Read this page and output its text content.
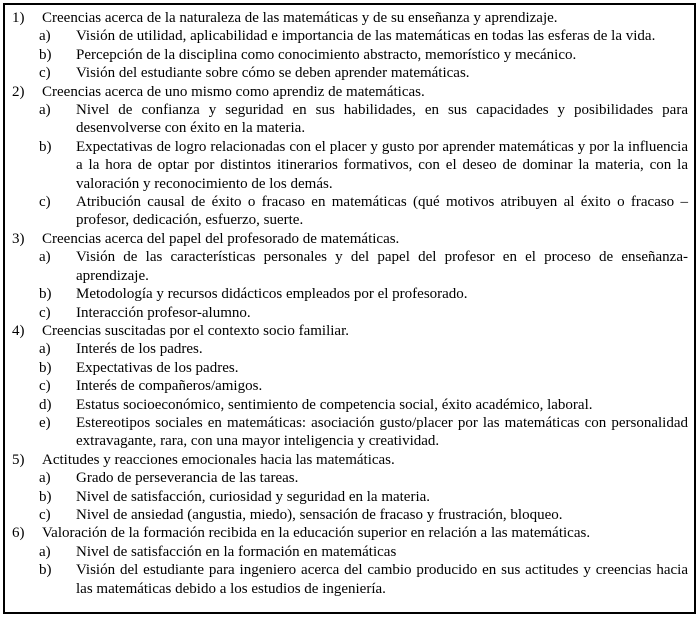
1)	Creencias acerca de la naturaleza de las matemáticas y de su enseñanza y aprendizaje.
a)	Visión de utilidad, aplicabilidad e importancia de las matemáticas en todas las esferas de la vida.
b)	Percepción de la disciplina como conocimiento abstracto, memorístico y mecánico.
c)	Visión del estudiante sobre cómo se deben aprender matemáticas.
2)	Creencias acerca de uno mismo como aprendiz de matemáticas.
a)	Nivel de confianza y seguridad en sus habilidades, en sus capacidades y posibilidades para desenvolverse con éxito en la materia.
b)	Expectativas de logro relacionadas con el placer y gusto por aprender matemáticas y por la influencia a la hora de optar por distintos itinerarios formativos, con el deseo de dominar la materia, con la valoración y reconocimiento de los demás.
c)	Atribución causal de éxito o fracaso en matemáticas (qué motivos atribuyen al éxito o fracaso – profesor, dedicación, esfuerzo, suerte.
3)	Creencias acerca del papel del profesorado de matemáticas.
a)	Visión de las características personales y del papel del profesor en el proceso de enseñanza-aprendizaje.
b)	Metodología y recursos didácticos empleados por el profesorado.
c)	Interacción profesor-alumno.
4)	Creencias suscitadas por el contexto socio familiar.
a)	Interés de los padres.
b)	Expectativas de los padres.
c)	Interés de compañeros/amigos.
d)	Estatus socioeconómico, sentimiento de competencia social, éxito académico, laboral.
e)	Estereotipos sociales en matemáticas: asociación gusto/placer por las matemáticas con personalidad extravagante, rara, con una mayor inteligencia y creatividad.
5)	Actitudes y reacciones emocionales hacia las matemáticas.
a)	Grado de perseverancia de las tareas.
b)	Nivel de satisfacción, curiosidad y seguridad en la materia.
c)	Nivel de ansiedad (angustia, miedo), sensación de fracaso y frustración, bloqueo.
6)	Valoración de la formación recibida en la educación superior en relación a las matemáticas.
a)	Nivel de satisfacción en la formación en matemáticas
b)	Visión del estudiante para ingeniero acerca del cambio producido en sus actitudes y creencias hacia las matemáticas debido a los estudios de ingeniería.
